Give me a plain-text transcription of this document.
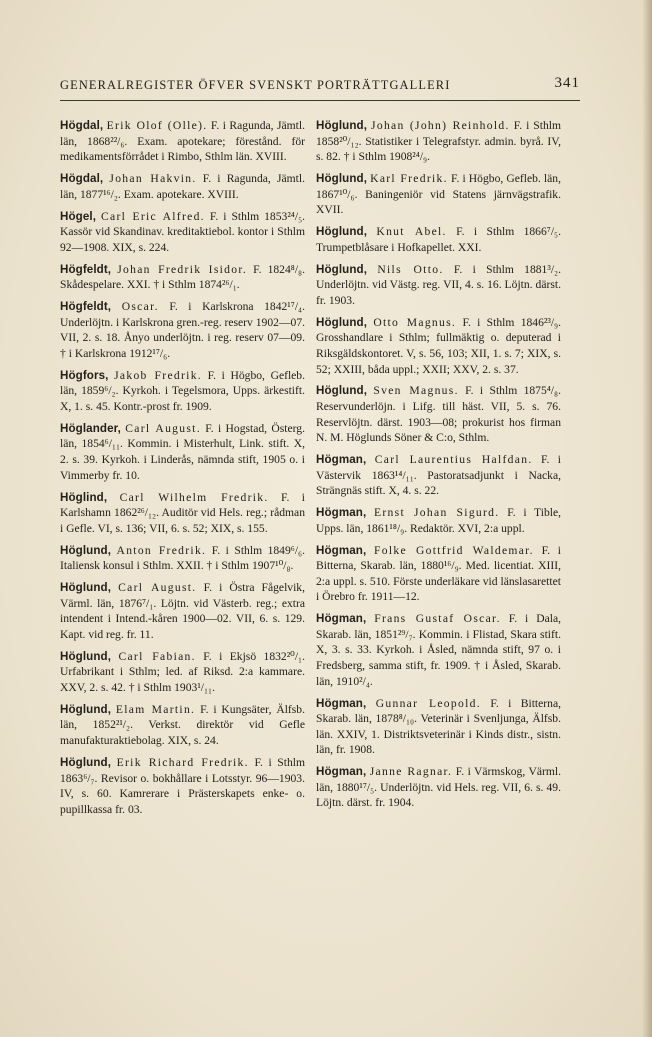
GENERALREGISTER ÖFVER SVENSKT PORTRÄTTGALLERI	341

Högdal, Erik Olof (Olle). F. i Ragunda, Jämtl. län, 1868²²/₆. Exam. apotekare; förestånd. för medikamentsförrådet i Rimbo, Sthlm län. XVIII.

Högdal, Johan Hakvin. F. i Ragunda, Jämtl. län, 1877¹⁶/₂. Exam. apotekare. XVIII.

Högel, Carl Eric Alfred. F. i Sthlm 1853²⁴/₅. Kassör vid Skandinav. kreditaktiebol. kontor i Sthlm 92—1908. XIX, s. 224.

Högfeldt, Johan Fredrik Isidor. F. 1824⁸/₈. Skådespelare. XXI. † i Sthlm 1874²⁶/₁.

Högfeldt, Oscar. F. i Karlskrona 1842¹⁷/₄. Underlöjtn. i Karlskrona gren.-reg. reserv 1902—07. VII, 2. s. 18. Ånyo underlöjtn. i reg. reserv 07—09. † i Karlskrona 1912¹⁷/₆.

Högfors, Jakob Fredrik. F. i Högbo, Gefleb. län, 1859⁶/₂. Kyrkoh. i Tegelsmora, Upps. ärkestift. X, 1. s. 45. Kontr.-prost fr. 1909.

Höglander, Carl August. F. i Hogstad, Österg. län, 1854⁶/₁₁. Kommin. i Misterhult, Link. stift. X, 2. s. 39. Kyrkoh. i Linderås, nämnda stift, 1905 o. i Vimmerby fr. 10.

Höglind, Carl Wilhelm Fredrik. F. i Karlshamn 1862²⁶/₁₂. Auditör vid Hels. reg.; rådman i Gefle. VI, s. 136; VII, 6. s. 52; XIX, s. 155.

Höglund, Anton Fredrik. F. i Sthlm 1849⁶/₆. Italiensk konsul i Sthlm. XXII. † i Sthlm 1907¹⁰/₈.

Höglund, Carl August. F. i Östra Fågelvik, Värml. län, 1876⁷/₁. Löjtn. vid Västerb. reg.; extra intendent i Intend.-kåren 1900—02. VII, 6. s. 129. Kapt. vid reg. fr. 11.

Höglund, Carl Fabian. F. i Ekjsö 1832²⁰/₁. Urfabrikant i Sthlm; led. af Riksd. 2:a kammare. XXV, 2. s. 42. † i Sthlm 1903¹/₁₁.

Höglund, Elam Martin. F. i Kungsäter, Älfsb. län, 1852²¹/₂. Verkst. direktör vid Gefle manufakturaktiebolag. XIX, s. 24.

Höglund, Erik Richard Fredrik. F. i Sthlm 1863⁶/₇. Revisor o. bokhållare i Lotsstyr. 96—1903. IV, s. 60. Kamrerare i Prästerskapets enke- o. pupillkassa fr. 03.

Höglund, Johan (John) Reinhold. F. i Sthlm 1858²⁰/₁₂. Statistiker i Telegrafstyr. admin. byrå. IV, s. 82. † i Sthlm 1908²⁴/₉.

Höglund, Karl Fredrik. F. i Högbo, Gefleb. län, 1867¹⁰/₆. Baningeniör vid Statens järnvägstrafik. XVII.

Höglund, Knut Abel. F. i Sthlm 1866⁷/₅. Trumpetblåsare i Hofkapellet. XXI.

Höglund, Nils Otto. F. i Sthlm 1881³/₂. Underlöjtn. vid Västg. reg. VII, 4. s. 16. Löjtn. därst. fr. 1903.

Höglund, Otto Magnus. F. i Sthlm 1846²³/₉. Grosshandlare i Sthlm; fullmäktig o. deputerad i Riksgäldskontoret. V, s. 56, 103; XII, 1. s. 7; XIX, s. 52; XXIII, båda uppl.; XXII; XXV, 2. s. 37.

Höglund, Sven Magnus. F. i Sthlm 1875⁴/₈. Reservunderlöjn. i Lifg. till häst. VII, 5. s. 76. Reservlöjtn. därst. 1903—08; prokurist hos firman N. M. Höglunds Söner & C:o, Sthlm.

Högman, Carl Laurentius Halfdan. F. i Västervik 1863¹⁴/₁₁. Pastoratsadjunkt i Nacka, Strängnäs stift. X, 4. s. 22.

Högman, Ernst Johan Sigurd. F. i Tible, Upps. län, 1861¹⁸/₉. Redaktör. XVI, 2:a uppl.

Högman, Folke Gottfrid Waldemar. F. i Bitterna, Skarab. län, 1880¹⁶/₉. Med. licentiat. XIII, 2:a uppl. s. 510. Förste underläkare vid länslasarettet i Örebro fr. 1911—12.

Högman, Frans Gustaf Oscar. F. i Dala, Skarab. län, 1851²⁹/₇. Kommin. i Flistad, Skara stift. X, 3. s. 33. Kyrkoh. i Åsled, nämnda stift, 97 o. i Fredsberg, samma stift, fr. 1909. † i Åsled, Skarab. län, 1910²/₄.

Högman, Gunnar Leopold. F. i Bitterna, Skarab. län, 1878⁸/₁₀. Veterinär i Svenljunga, Älfsb. län. XXIV, 1. Distriktsveterinär i Kinds distr., sistn. län, fr. 1908.

Högman, Janne Ragnar. F. i Värmskog, Värml. län, 1880¹⁷/₅. Underlöjtn. vid Hels. reg. VII, 6. s. 49. Löjtn. därst. fr. 1904.
